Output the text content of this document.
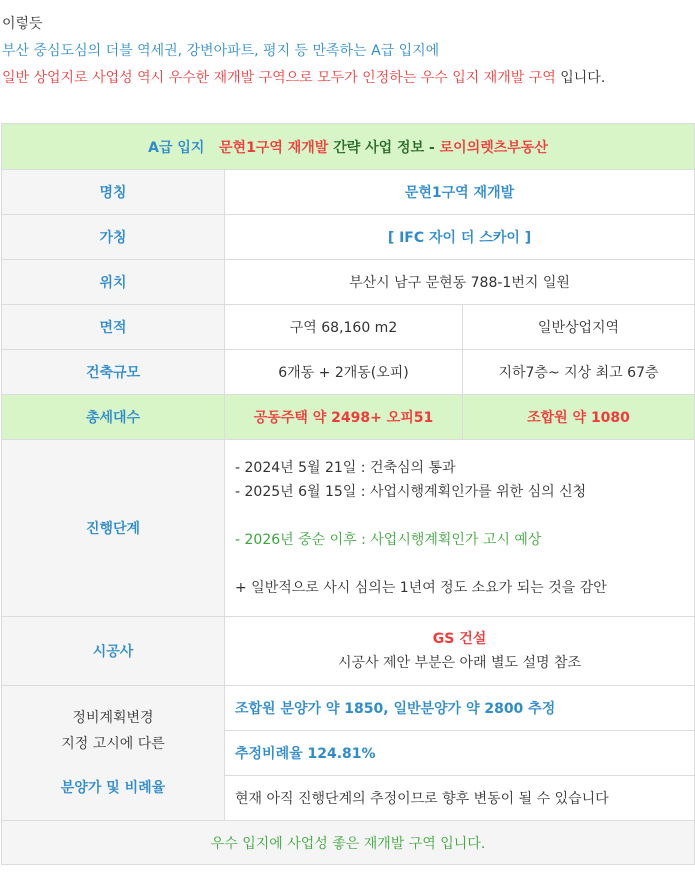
이렇듯

부산 중심도심의 더블 역세권, 강변아파트, 평지 등 만족하는 A급 입지에

일반 상업지로 사업성 역시 우수한 재개발 구역으로 모두가 인정하는 우수 입지 재개발 구역 입니다.

A급 입지 문현1구역 재개발 간략 사업 정보 - 로이의렛츠부동산		
명칭	문현1구역 재개발	
가칭	[ IFC 자이 더 스카이 ]	
위치	부산시 남구 문현동 788-1번지 일원	
면적	구역 68,160 m2	일반상업지역
건축규모	6개동 + 2개동(오피)	지하7층~ 지상 최고 67층
총세대수	공동주택 약 2498+ 오피51	조합원 약 1080
진행단계	- 2024년 5월 21일 : 건축심의 통과
- 2025년 6월 15일 : 사업시행계획인가를 위한 심의 신청
- 2026년 중순 이후 : 사업시행계획인가 고시 예상
+ 일반적으로 사시 심의는 1년여 정도 소요가 되는 것을 감안	

시공사	GS 건설
시공사 제안 부분은 아래 별도 설명 참조	

정비계획변경
지정 고시에 다른
분양가 및 비례율	조합원 분양가 약 1850, 일반분양가 약 2800 추정	
	추정비례율 124.81%	
	현재 아직 진행단계의 추정이므로 향후 변동이 될 수 있습니다	
우수 입지에 사업성 좋은 재개발 구역 입니다.		
